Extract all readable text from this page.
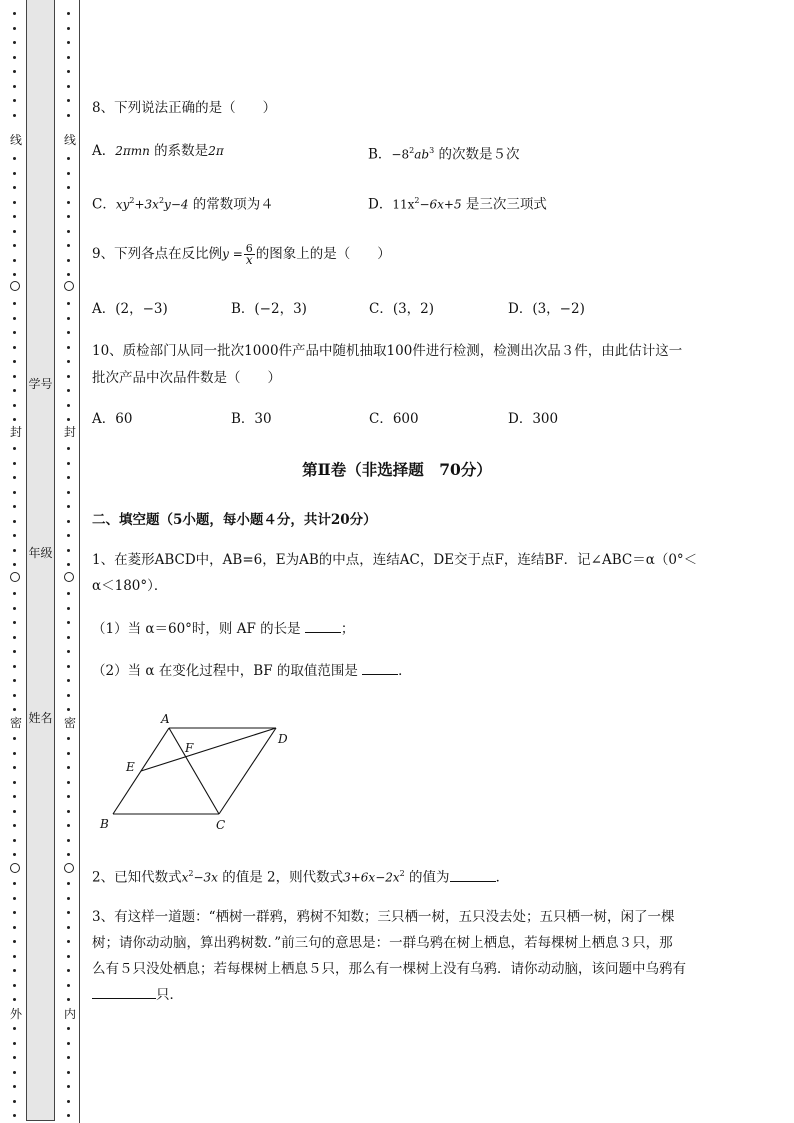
线
封
密
外
学号
年级
姓名
线
封
密
内
8、下列说法正确的是（　　）
A．2πmn 的系数是2π	B．$-8^2ab^3$ 的次数是５次
C．$xy^2+3x^2y-4$ 的常数项为４	D．$11x^2-6x+5$ 是三次三项式
9、下列各点在反比例$y = \frac{6}{x}$ 的图象上的是（　　）
A．(2，−3)	B．(−2，3)	C．(3，2)	D．(3，−2)
10、质检部门从同一批次1000件产品中随机抽取100件进行检测，检测出次品３件，由此估计这一
批次产品中次品件数是（　　）
A．60	B．30	C．600	D．300
第Ⅱ卷（非选择题　70分）
二、填空题（5小题，每小题４分，共计20分）
1、在菱形ABCD中，AB=6，E为AB的中点，连结AC，DE交于点F，连结BF．记∠ABC＝α（0°＜
α＜180°）．
（1）当 α＝60°时，则 AF 的长是	；
（2）当 α 在变化过程中，BF 的取值范围是	．
A
B	C
D
E
F
2、已知代数式$x^2-3x$ 的值是 2，则代数式$3+6x-2x^2$ 的值为	．
3、有这样一道题：“栖树一群鸦，鸦树不知数；三只栖一树，五只没去处；五只栖一树，闲了一棵
树；请你动动脑，算出鸦树数．”前三句的意思是：一群乌鸦在树上栖息，若每棵树上栖息３只，那
么有５只没处栖息；若每棵树上栖息５只，那么有一棵树上没有乌鸦．请你动动脑，该问题中乌鸦有
只．
